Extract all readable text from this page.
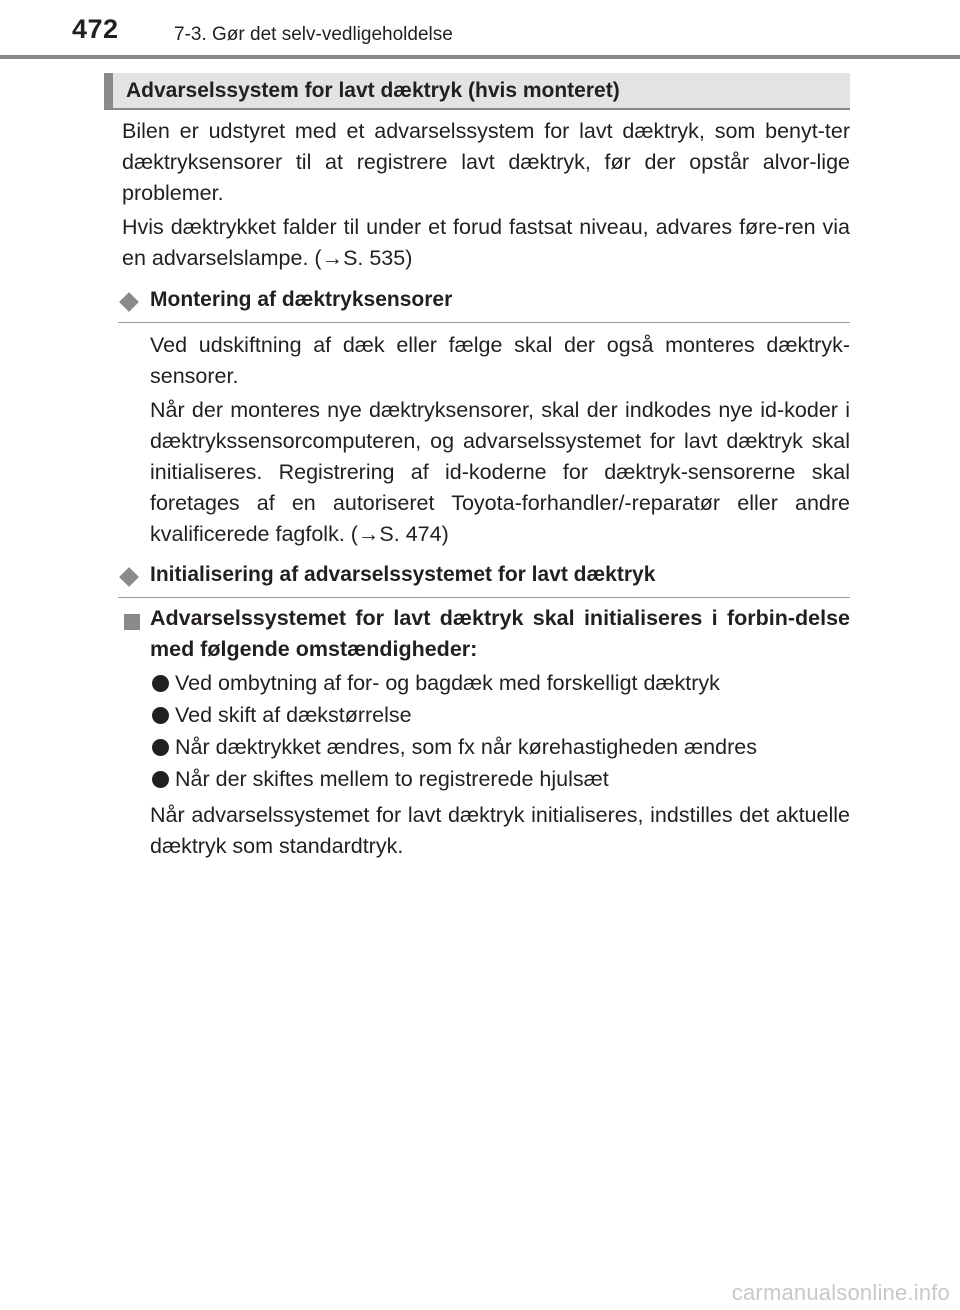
472	7-3. Gør det selv-vedligeholdelse
Advarselssystem for lavt dæktryk (hvis monteret)

Bilen er udstyret med et advarselssystem for lavt dæktryk, som benyt-ter dæktryksensorer til at registrere lavt dæktryk, før der opstår alvor-lige problemer.

Hvis dæktrykket falder til under et forud fastsat niveau, advares føre-ren via en advarselslampe. (→S. 535)

Montering af dæktryksensorer

Ved udskiftning af dæk eller fælge skal der også monteres dæktryk-sensorer.

Når der monteres nye dæktryksensorer, skal der indkodes nye id-koder i dæktrykssensorcomputeren, og advarselssystemet for lavt dæktryk skal initialiseres. Registrering af id-koderne for dæktryk-sensorerne skal foretages af en autoriseret Toyota-forhandler/-reparatør eller andre kvalificerede fagfolk. (→S. 474)

Initialisering af advarselssystemet for lavt dæktryk

Advarselssystemet for lavt dæktryk skal initialiseres i forbin-delse med følgende omstændigheder:

Ved ombytning af for- og bagdæk med forskelligt dæktryk
Ved skift af dækstørrelse
Når dæktrykket ændres, som fx når kørehastigheden ændres
Når der skiftes mellem to registrerede hjulsæt

Når advarselssystemet for lavt dæktryk initialiseres, indstilles det aktuelle dæktryk som standardtryk.

carmanualsonline.info
